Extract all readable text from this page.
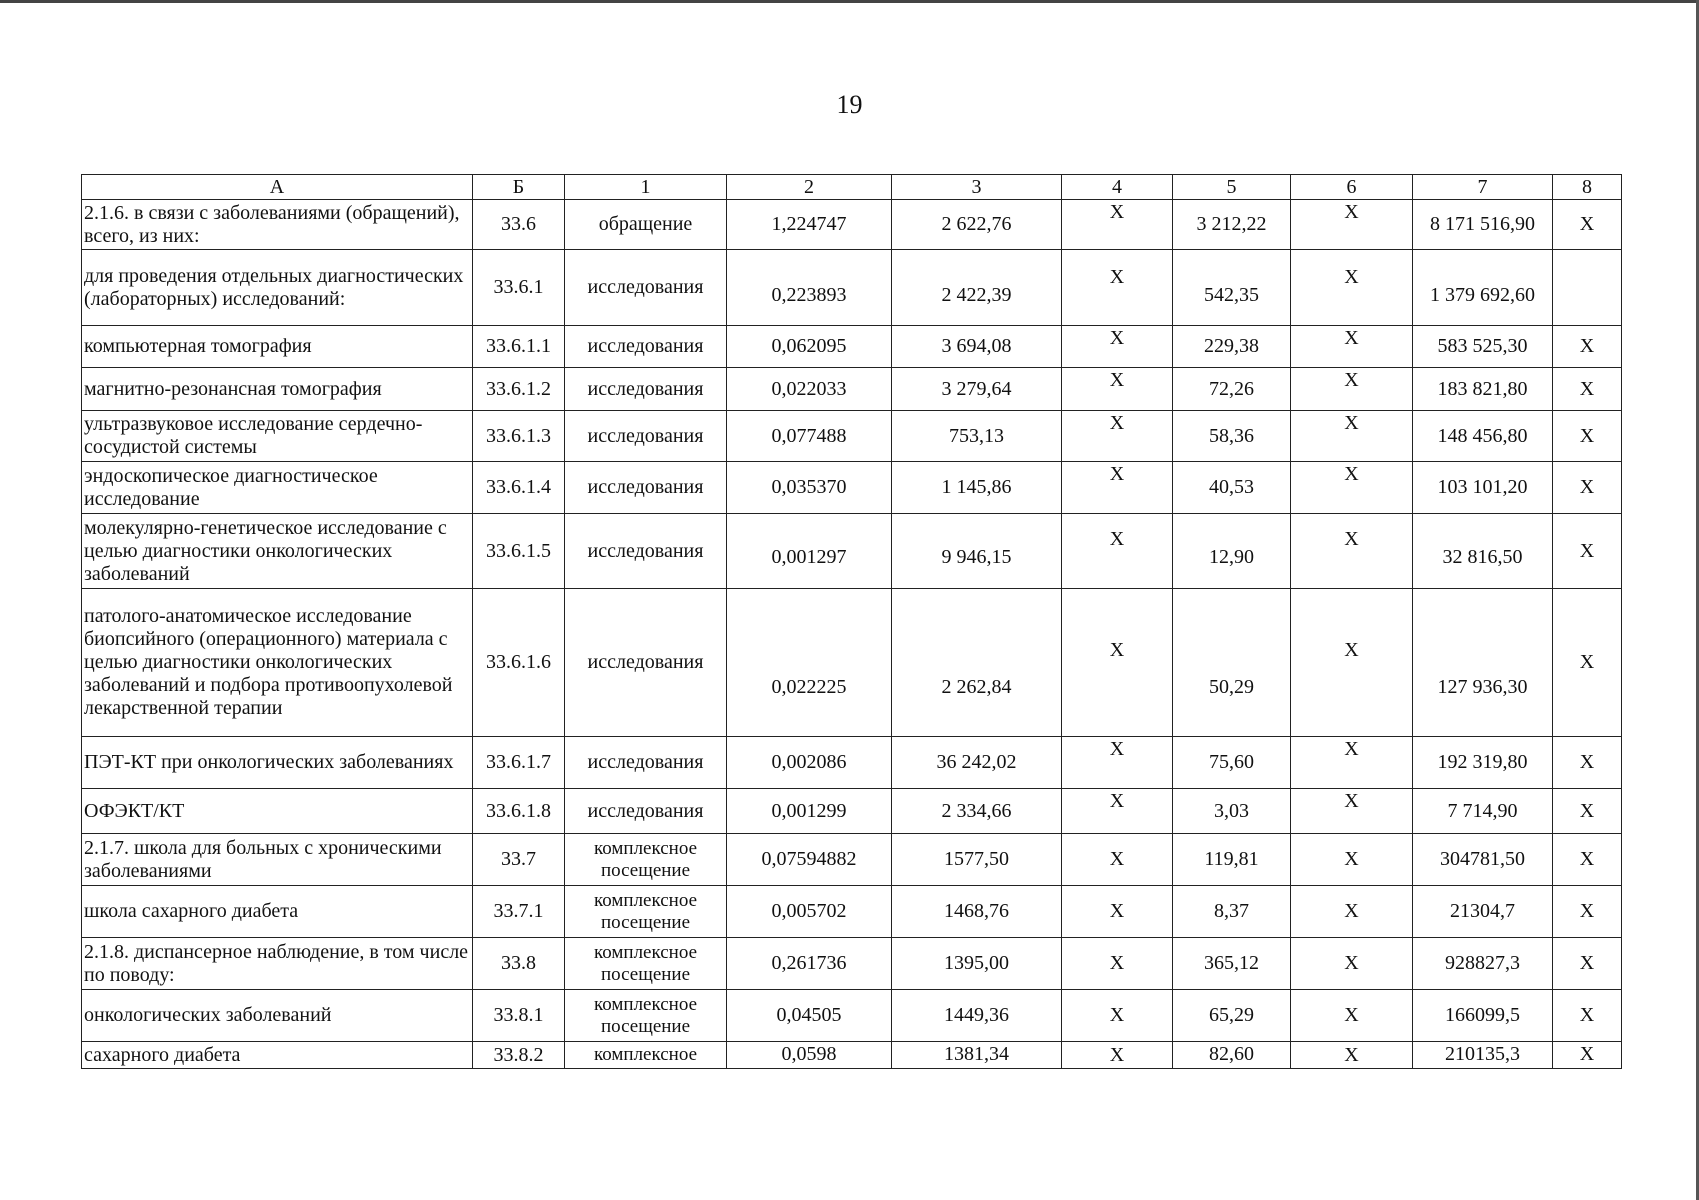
19
А	Б	1	2	3	4	5	6	7	8
2.1.6. в связи с заболеваниями (обращений), всего, из них:	33.6	обращение	1,224747	2 622,76	Х	3 212,22	Х	8 171 516,90	Х
для проведения отдельных диагностических (лабораторных) исследований:	33.6.1	исследования	0,223893	2 422,39	Х	542,35	Х	1 379 692,60	
компьютерная томография	33.6.1.1	исследования	0,062095	3 694,08	Х	229,38	Х	583 525,30	Х
магнитно-резонансная томография	33.6.1.2	исследования	0,022033	3 279,64	Х	72,26	Х	183 821,80	Х
ультразвуковое исследование сердечно-сосудистой системы	33.6.1.3	исследования	0,077488	753,13	Х	58,36	Х	148 456,80	Х
эндоскопическое диагностическое исследование	33.6.1.4	исследования	0,035370	1 145,86	Х	40,53	Х	103 101,20	Х
молекулярно-генетическое исследование с целью диагностики онкологических заболеваний	33.6.1.5	исследования	0,001297	9 946,15	Х	12,90	Х	32 816,50	Х
патолого-анатомическое исследование биопсийного (операционного) материала с целью диагностики онкологических заболеваний и подбора противоопухолевой лекарственной терапии	33.6.1.6	исследования	0,022225	2 262,84	Х	50,29	Х	127 936,30	Х
ПЭТ-КТ при онкологических заболеваниях	33.6.1.7	исследования	0,002086	36 242,02	Х	75,60	Х	192 319,80	Х
ОФЭКТ/КТ	33.6.1.8	исследования	0,001299	2 334,66	Х	3,03	Х	7 714,90	Х
2.1.7. школа для больных с хроническими заболеваниями	33.7	комплексное посещение	0,07594882	1577,50	Х	119,81	Х	304781,50	Х
школа сахарного диабета	33.7.1	комплексное посещение	0,005702	1468,76	Х	8,37	Х	21304,7	Х
2.1.8. диспансерное наблюдение, в том числе по поводу:	33.8	комплексное посещение	0,261736	1395,00	Х	365,12	Х	928827,3	Х
онкологических заболеваний	33.8.1	комплексное посещение	0,04505	1449,36	Х	65,29	Х	166099,5	Х
сахарного диабета	33.8.2	комплексное	0,0598	1381,34	Х	82,60	Х	210135,3	Х
